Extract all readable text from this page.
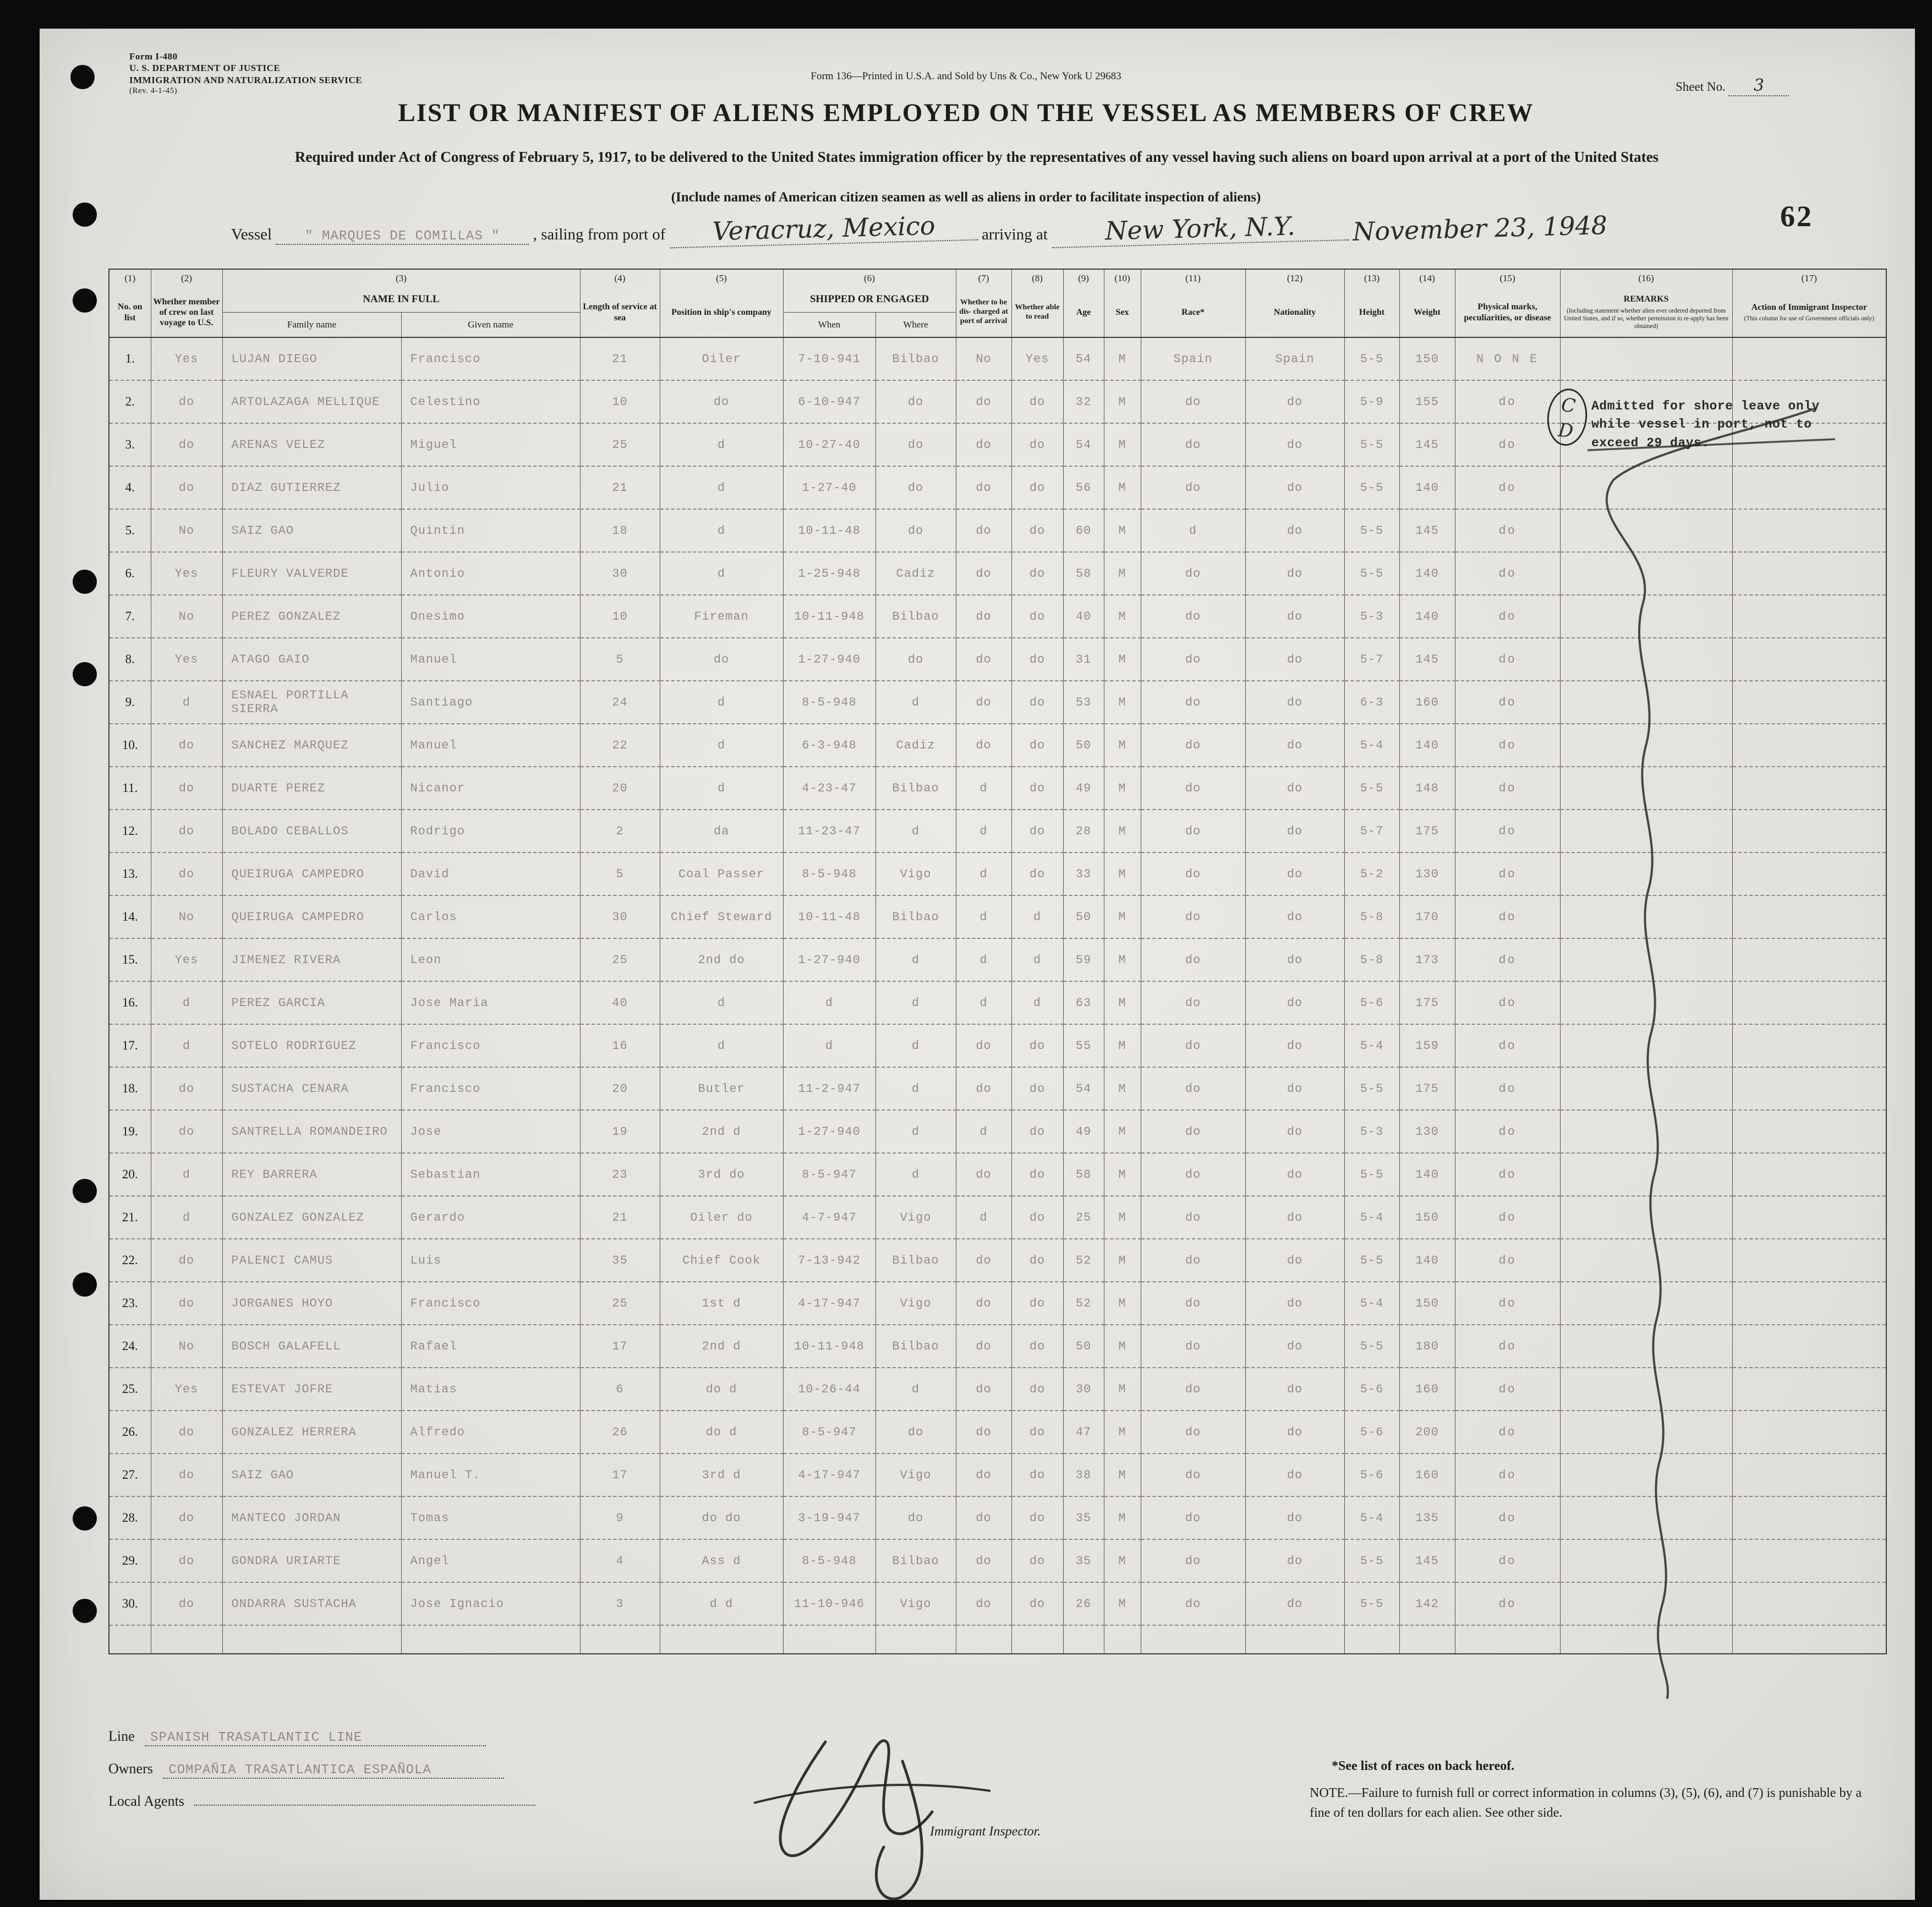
Form I-480
U. S. DEPARTMENT OF JUSTICE
IMMIGRATION AND NATURALIZATION SERVICE
(Rev. 4-1-45)
Form 136—Printed in U.S.A. and Sold by Uns & Co., New York U 29683
Sheet No. 3
LIST OR MANIFEST OF ALIENS EMPLOYED ON THE VESSEL AS MEMBERS OF CREW
Required under Act of Congress of February 5, 1917, to be delivered to the United States immigration officer by the representatives of any vessel having such aliens on board upon arrival at a port of the United States
(Include names of American citizen seamen as well as aliens in order to facilitate inspection of aliens)
Vessel	" MARQUES DE COMILLAS " , sailing from port of Veracruz, Mexico	arriving at New York, N.Y. November 23, 1948	62
(1)	(2)	(3)		(4)	(5)	(6)		(7)	(8)	(9)	(10)	(11)	(12)	(13)	(14)	(15)	(16)	(17)
No. on list	Whether member of crew on last voyage to U.S.	NAME IN FULL		Length of service at sea	Position in ship's company	SHIPPED OR ENGAGED		Whether to be dis- charged at port of arrival	Whether able to read	Age	Sex	Race*	Nationality	Height	Weight	Physical marks, peculiarities, or disease	REMARKS
(Including statement whether alien ever ordered deported from United States, and if so, whether permission to re-apply has been obtained)	Action of Immigrant Inspector
(This column for use of Government officials only)

		Family name	Given name			When	Where											
1.	Yes	LUJAN DIEGO	Francisco	21	Oiler	7-10-941	Bilbao	No	Yes	54	M	Spain	Spain	5-5	150	N O N E		
2.	do	ARTOLAZAGA MELLIQUE	Celestino	10	do	6-10-947	do	do	do	32	M	do	do	5-9	155	do		
3.	do	ARENAS VELEZ	Miguel	25	d	10-27-40	do	do	do	54	M	do	do	5-5	145	do		
4.	do	DIAZ GUTIERREZ	Julio	21	d	1-27-40	do	do	do	56	M	do	do	5-5	140	do		
5.	No	SAIZ GAO	Quintin	18	d	10-11-48	do	do	do	60	M	d	do	5-5	145	do		
6.	Yes	FLEURY VALVERDE	Antonio	30	d	1-25-948	Cadiz	do	do	58	M	do	do	5-5	140	do		
7.	No	PEREZ GONZALEZ	Onesimo	10	Fireman	10-11-948	Bilbao	do	do	40	M	do	do	5-3	140	do		
8.	Yes	ATAGO GAIO	Manuel	5	do	1-27-940	do	do	do	31	M	do	do	5-7	145	do		
9.	d	ESNAEL PORTILLA SIERRA	Santiago	24	d	8-5-948	d	do	do	53	M	do	do	6-3	160	do		
10.	do	SANCHEZ MARQUEZ	Manuel	22	d	6-3-948	Cadiz	do	do	50	M	do	do	5-4	140	do		
11.	do	DUARTE PEREZ	Nicanor	20	d	4-23-47	Bilbao	d	do	49	M	do	do	5-5	148	do		
12.	do	BOLADO CEBALLOS	Rodrigo	2	da	11-23-47	d	d	do	28	M	do	do	5-7	175	do		
13.	do	QUEIRUGA CAMPEDRO	David	5	Coal Passer	8-5-948	Vigo	d	do	33	M	do	do	5-2	130	do		
14.	No	QUEIRUGA CAMPEDRO	Carlos	30	Chief Steward	10-11-48	Bilbao	d	d	50	M	do	do	5-8	170	do		
15.	Yes	JIMENEZ RIVERA	Leon	25	2nd do	1-27-940	d	d	d	59	M	do	do	5-8	173	do		
16.	d	PEREZ GARCIA	Jose Maria	40	d	d	d	d	d	63	M	do	do	5-6	175	do		
17.	d	SOTELO RODRIGUEZ	Francisco	16	d	d	d	do	do	55	M	do	do	5-4	159	do		
18.	do	SUSTACHA CENARA	Francisco	20	Butler	11-2-947	d	do	do	54	M	do	do	5-5	175	do		
19.	do	SANTRELLA ROMANDEIRO	Jose	19	2nd d	1-27-940	d	d	do	49	M	do	do	5-3	130	do		
20.	d	REY BARRERA	Sebastian	23	3rd do	8-5-947	d	do	do	58	M	do	do	5-5	140	do		
21.	d	GONZALEZ GONZALEZ	Gerardo	21	Oiler do	4-7-947	Vigo	d	do	25	M	do	do	5-4	150	do		
22.	do	PALENCI CAMUS	Luis	35	Chief Cook	7-13-942	Bilbao	do	do	52	M	do	do	5-5	140	do		
23.	do	JORGANES HOYO	Francisco	25	1st d	4-17-947	Vigo	do	do	52	M	do	do	5-4	150	do		
24.	No	BOSCH GALAFELL	Rafael	17	2nd d	10-11-948	Bilbao	do	do	50	M	do	do	5-5	180	do		
25.	Yes	ESTEVAT JOFRE	Matias	6	do d	10-26-44	d	do	do	30	M	do	do	5-6	160	do		
26.	do	GONZALEZ HERRERA	Alfredo	26	do d	8-5-947	do	do	do	47	M	do	do	5-6	200	do		
27.	do	SAIZ GAO	Manuel T.	17	3rd d	4-17-947	Vigo	do	do	38	M	do	do	5-6	160	do		
28.	do	MANTECO JORDAN	Tomas	9	do do	3-19-947	do	do	do	35	M	do	do	5-4	135	do		
29.	do	GONDRA URIARTE	Angel	4	Ass d	8-5-948	Bilbao	do	do	35	M	do	do	5-5	145	do		
30.	do	ONDARRA SUSTACHA	Jose Ignacio	3	d d	11-10-946	Vigo	do	do	26	M	do	do	5-5	142	do		

Admitted for shore leave only while vessel in port, not to exceed 29 days.
C
D
Line SPANISH TRASATLANTIC LINE
Owners COMPAÑIA TRASATLANTICA ESPAÑOLA
Local Agents
Immigrant Inspector.
*See list of races on back hereof.
NOTE.—Failure to furnish full or correct information in columns (3), (5), (6), and (7) is punishable by a fine of ten dollars for each alien. See other side.
